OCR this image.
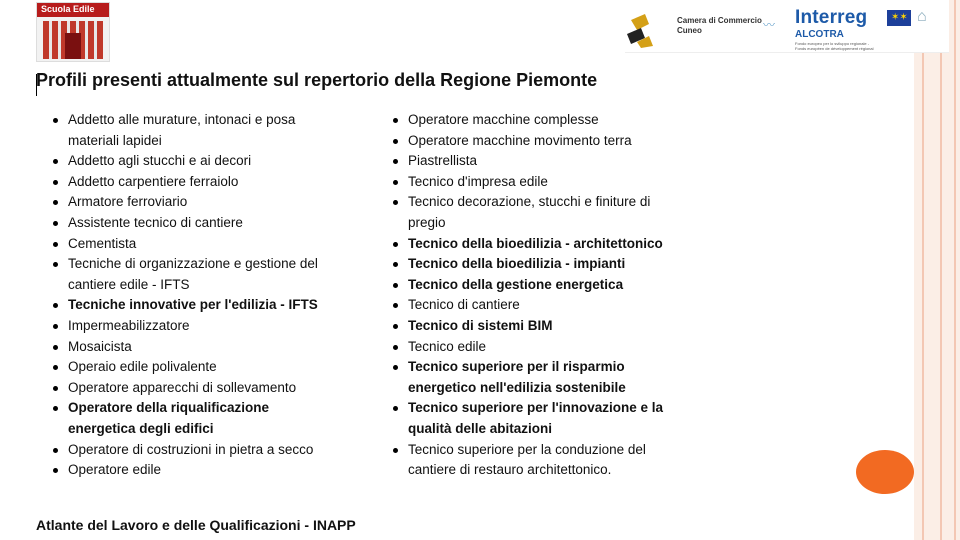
Scuola Edile
Camera di Commercio
Cuneo	〰 Interreg
ALCOTRA
Fondo europeo per lo sviluppo regionale - Fonds européen de développement régional
✶✶ ⌂
Profili presenti attualmente sul repertorio della Regione Piemonte
Addetto alle murature, intonaci e posa materiali lapidei
Addetto agli stucchi e ai decori
Addetto carpentiere ferraiolo
Armatore ferroviario
Assistente tecnico di cantiere
Cementista
Tecniche di organizzazione e gestione del cantiere edile - IFTS
Tecniche innovative per l'edilizia - IFTS
Impermeabilizzatore
Mosaicista
Operaio edile polivalente
Operatore apparecchi di sollevamento
Operatore della riqualificazione energetica degli edifici
Operatore di costruzioni in pietra a secco
Operatore edile
Operatore macchine complesse
Operatore macchine movimento terra
Piastrellista
Tecnico d'impresa edile
Tecnico decorazione, stucchi e finiture di pregio
Tecnico della bioedilizia - architettonico
Tecnico della bioedilizia - impianti
Tecnico della gestione energetica
Tecnico di cantiere
Tecnico di sistemi BIM
Tecnico edile
Tecnico superiore per il risparmio energetico nell'edilizia sostenibile
Tecnico superiore per l'innovazione e la qualità delle abitazioni
Tecnico superiore per la conduzione del cantiere di restauro architettonico.
Atlante del Lavoro e delle Qualificazioni - INAPP
